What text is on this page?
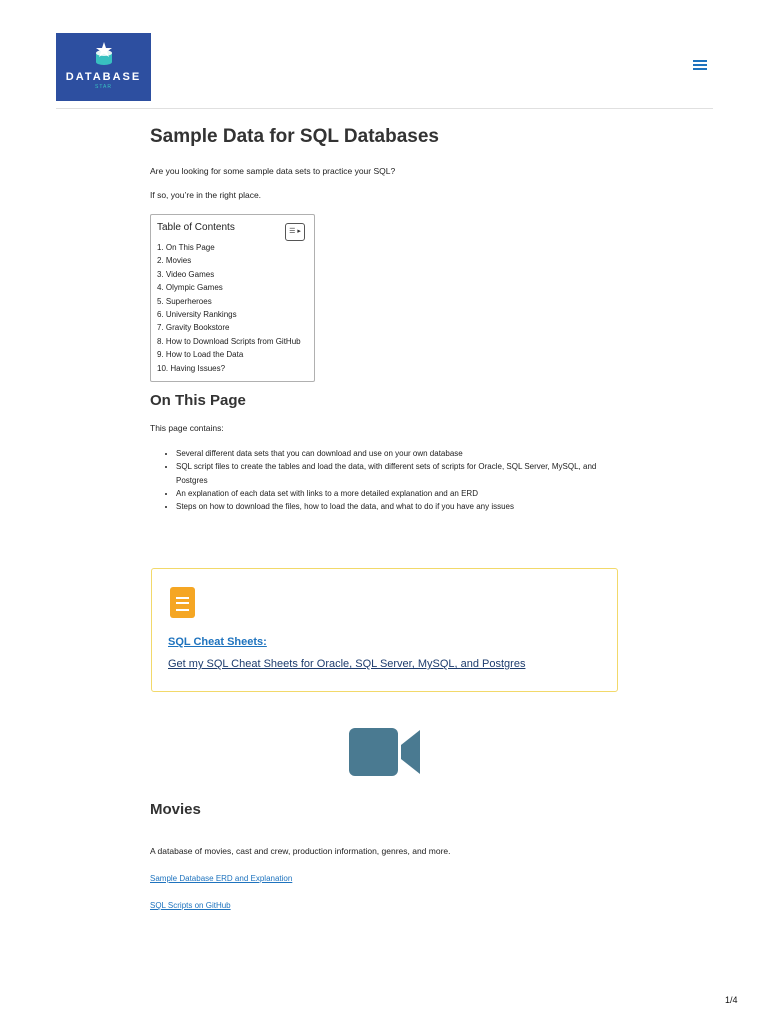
DATABASE
STAR
Sample Data for SQL Databases

Are you looking for some sample data sets to practice your SQL?

If so, you’re in the right place.

Table of Contents	☰ ▸
1. On This Page
2. Movies
3. Video Games
4. Olympic Games
5. Superheroes
6. University Rankings
7. Gravity Bookstore
8. How to Download Scripts from GitHub
9. How to Load the Data
10. Having Issues?
On This Page

This page contains:

• Several different data sets that you can download and use on your own database
• SQL script files to create the tables and load the data, with different sets of scripts for Oracle, SQL Server, MySQL, and Postgres
• An explanation of each data set with links to a more detailed explanation and an ERD
• Steps on how to download the files, how to load the data, and what to do if you have any issues
SQL Cheat Sheets:
Get my SQL Cheat Sheets for Oracle, SQL Server, MySQL, and Postgres
Movies

A database of movies, cast and crew, production information, genres, and more.

Sample Database ERD and Explanation
SQL Scripts on GitHub
1/4
